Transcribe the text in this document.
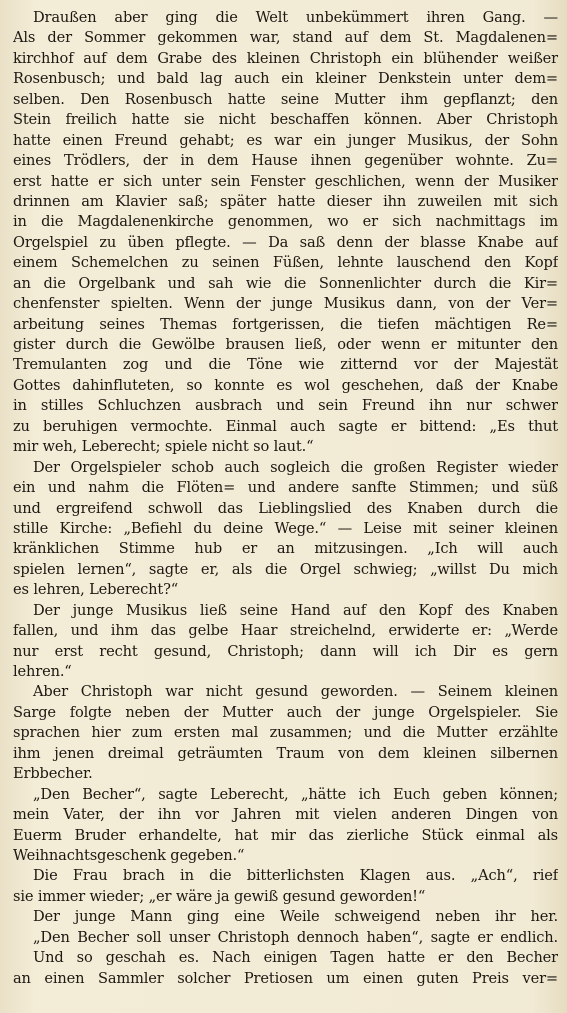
Draußen aber ging die Welt unbekümmert ihren Gang. —
Als der Sommer gekommen war, stand auf dem St. Magdalenen=
kirchhof auf dem Grabe des kleinen Christoph ein blühender weißer
Rosenbusch; und bald lag auch ein kleiner Denkstein unter dem=
selben. Den Rosenbusch hatte seine Mutter ihm gepflanzt; den
Stein freilich hatte sie nicht beschaffen können. Aber Christoph
hatte einen Freund gehabt; es war ein junger Musikus, der Sohn
eines Trödlers, der in dem Hause ihnen gegenüber wohnte. Zu=
erst hatte er sich unter sein Fenster geschlichen, wenn der Musiker
drinnen am Klavier saß; später hatte dieser ihn zuweilen mit sich
in die Magdalenenkirche genommen, wo er sich nachmittags im
Orgelspiel zu üben pflegte. — Da saß denn der blasse Knabe auf
einem Schemelchen zu seinen Füßen, lehnte lauschend den Kopf
an die Orgelbank und sah wie die Sonnenlichter durch die Kir=
chenfenster spielten. Wenn der junge Musikus dann, von der Ver=
arbeitung seines Themas fortgerissen, die tiefen mächtigen Re=
gister durch die Gewölbe brausen ließ, oder wenn er mitunter den
Tremulanten zog und die Töne wie zitternd vor der Majestät
Gottes dahinfluteten, so konnte es wol geschehen, daß der Knabe
in stilles Schluchzen ausbrach und sein Freund ihn nur schwer
zu beruhigen vermochte. Einmal auch sagte er bittend: „Es thut
mir weh, Leberecht; spiele nicht so laut.“
Der Orgelspieler schob auch sogleich die großen Register wieder
ein und nahm die Flöten= und andere sanfte Stimmen; und süß
und ergreifend schwoll das Lieblingslied des Knaben durch die
stille Kirche: „Befiehl du deine Wege.“ — Leise mit seiner kleinen
kränklichen Stimme hub er an mitzusingen. „Ich will auch
spielen lernen“, sagte er, als die Orgel schwieg; „willst Du mich
es lehren, Leberecht?“
Der junge Musikus ließ seine Hand auf den Kopf des Knaben
fallen, und ihm das gelbe Haar streichelnd, erwiderte er: „Werde
nur erst recht gesund, Christoph; dann will ich Dir es gern
lehren.“
Aber Christoph war nicht gesund geworden. — Seinem kleinen
Sarge folgte neben der Mutter auch der junge Orgelspieler. Sie
sprachen hier zum ersten mal zusammen; und die Mutter erzählte
ihm jenen dreimal geträumten Traum von dem kleinen silbernen
Erbbecher.
„Den Becher“, sagte Leberecht, „hätte ich Euch geben können;
mein Vater, der ihn vor Jahren mit vielen anderen Dingen von
Euerm Bruder erhandelte, hat mir das zierliche Stück einmal als
Weihnachtsgeschenk gegeben.“
Die Frau brach in die bitterlichsten Klagen aus. „Ach“, rief
sie immer wieder; „er wäre ja gewiß gesund geworden!“
Der junge Mann ging eine Weile schweigend neben ihr her.
„Den Becher soll unser Christoph dennoch haben“, sagte er endlich.
Und so geschah es. Nach einigen Tagen hatte er den Becher
an einen Sammler solcher Pretiosen um einen guten Preis ver=
